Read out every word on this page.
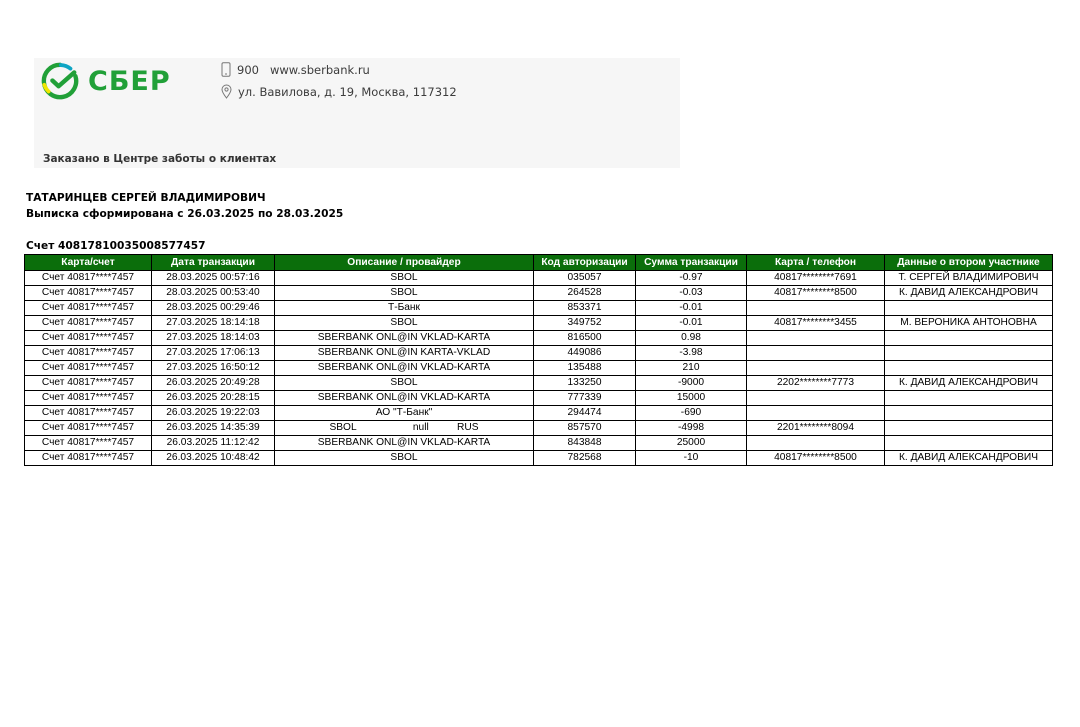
СБЕР	900 www.sberbank.ru
ул. Вавилова, д. 19, Москва, 117312
Заказано в Центре заботы о клиентах
ТАТАРИНЦЕВ СЕРГЕЙ ВЛАДИМИРОВИЧ
Выписка сформирована с 26.03.2025 по 28.03.2025
Счет 40817810035008577457
Карта/счет	Дата транзакции	Описание / провайдер	Код авторизации	Сумма транзакции	Карта / телефон	Данные о втором участнике
Счет 40817****7457	28.03.2025 00:57:16	SBOL	035057	-0.97	40817********7691	Т. СЕРГЕЙ ВЛАДИМИРОВИЧ
Счет 40817****7457	28.03.2025 00:53:40	SBOL	264528	-0.03	40817********8500	К. ДАВИД АЛЕКСАНДРОВИЧ
Счет 40817****7457	28.03.2025 00:29:46	Т-Банк	853371	-0.01		
Счет 40817****7457	27.03.2025 18:14:18	SBOL	349752	-0.01	40817********3455	М. ВЕРОНИКА АНТОНОВНА
Счет 40817****7457	27.03.2025 18:14:03	SBERBANK ONL@IN VKLAD-KARTA	816500	0.98		
Счет 40817****7457	27.03.2025 17:06:13	SBERBANK ONL@IN KARTA-VKLAD	449086	-3.98		
Счет 40817****7457	27.03.2025 16:50:12	SBERBANK ONL@IN VKLAD-KARTA	135488	210		
Счет 40817****7457	26.03.2025 20:49:28	SBOL	133250	-9000	2202********7773	К. ДАВИД АЛЕКСАНДРОВИЧ
Счет 40817****7457	26.03.2025 20:28:15	SBERBANK ONL@IN VKLAD-KARTA	777339	15000		
Счет 40817****7457	26.03.2025 19:22:03	АО "Т-Банк"	294474	-690		
Счет 40817****7457	26.03.2025 14:35:39	SBOL                    null          RUS	857570	-4998	2201********8094	
Счет 40817****7457	26.03.2025 11:12:42	SBERBANK ONL@IN VKLAD-KARTA	843848	25000		
Счет 40817****7457	26.03.2025 10:48:42	SBOL	782568	-10	40817********8500	К. ДАВИД АЛЕКСАНДРОВИЧ
